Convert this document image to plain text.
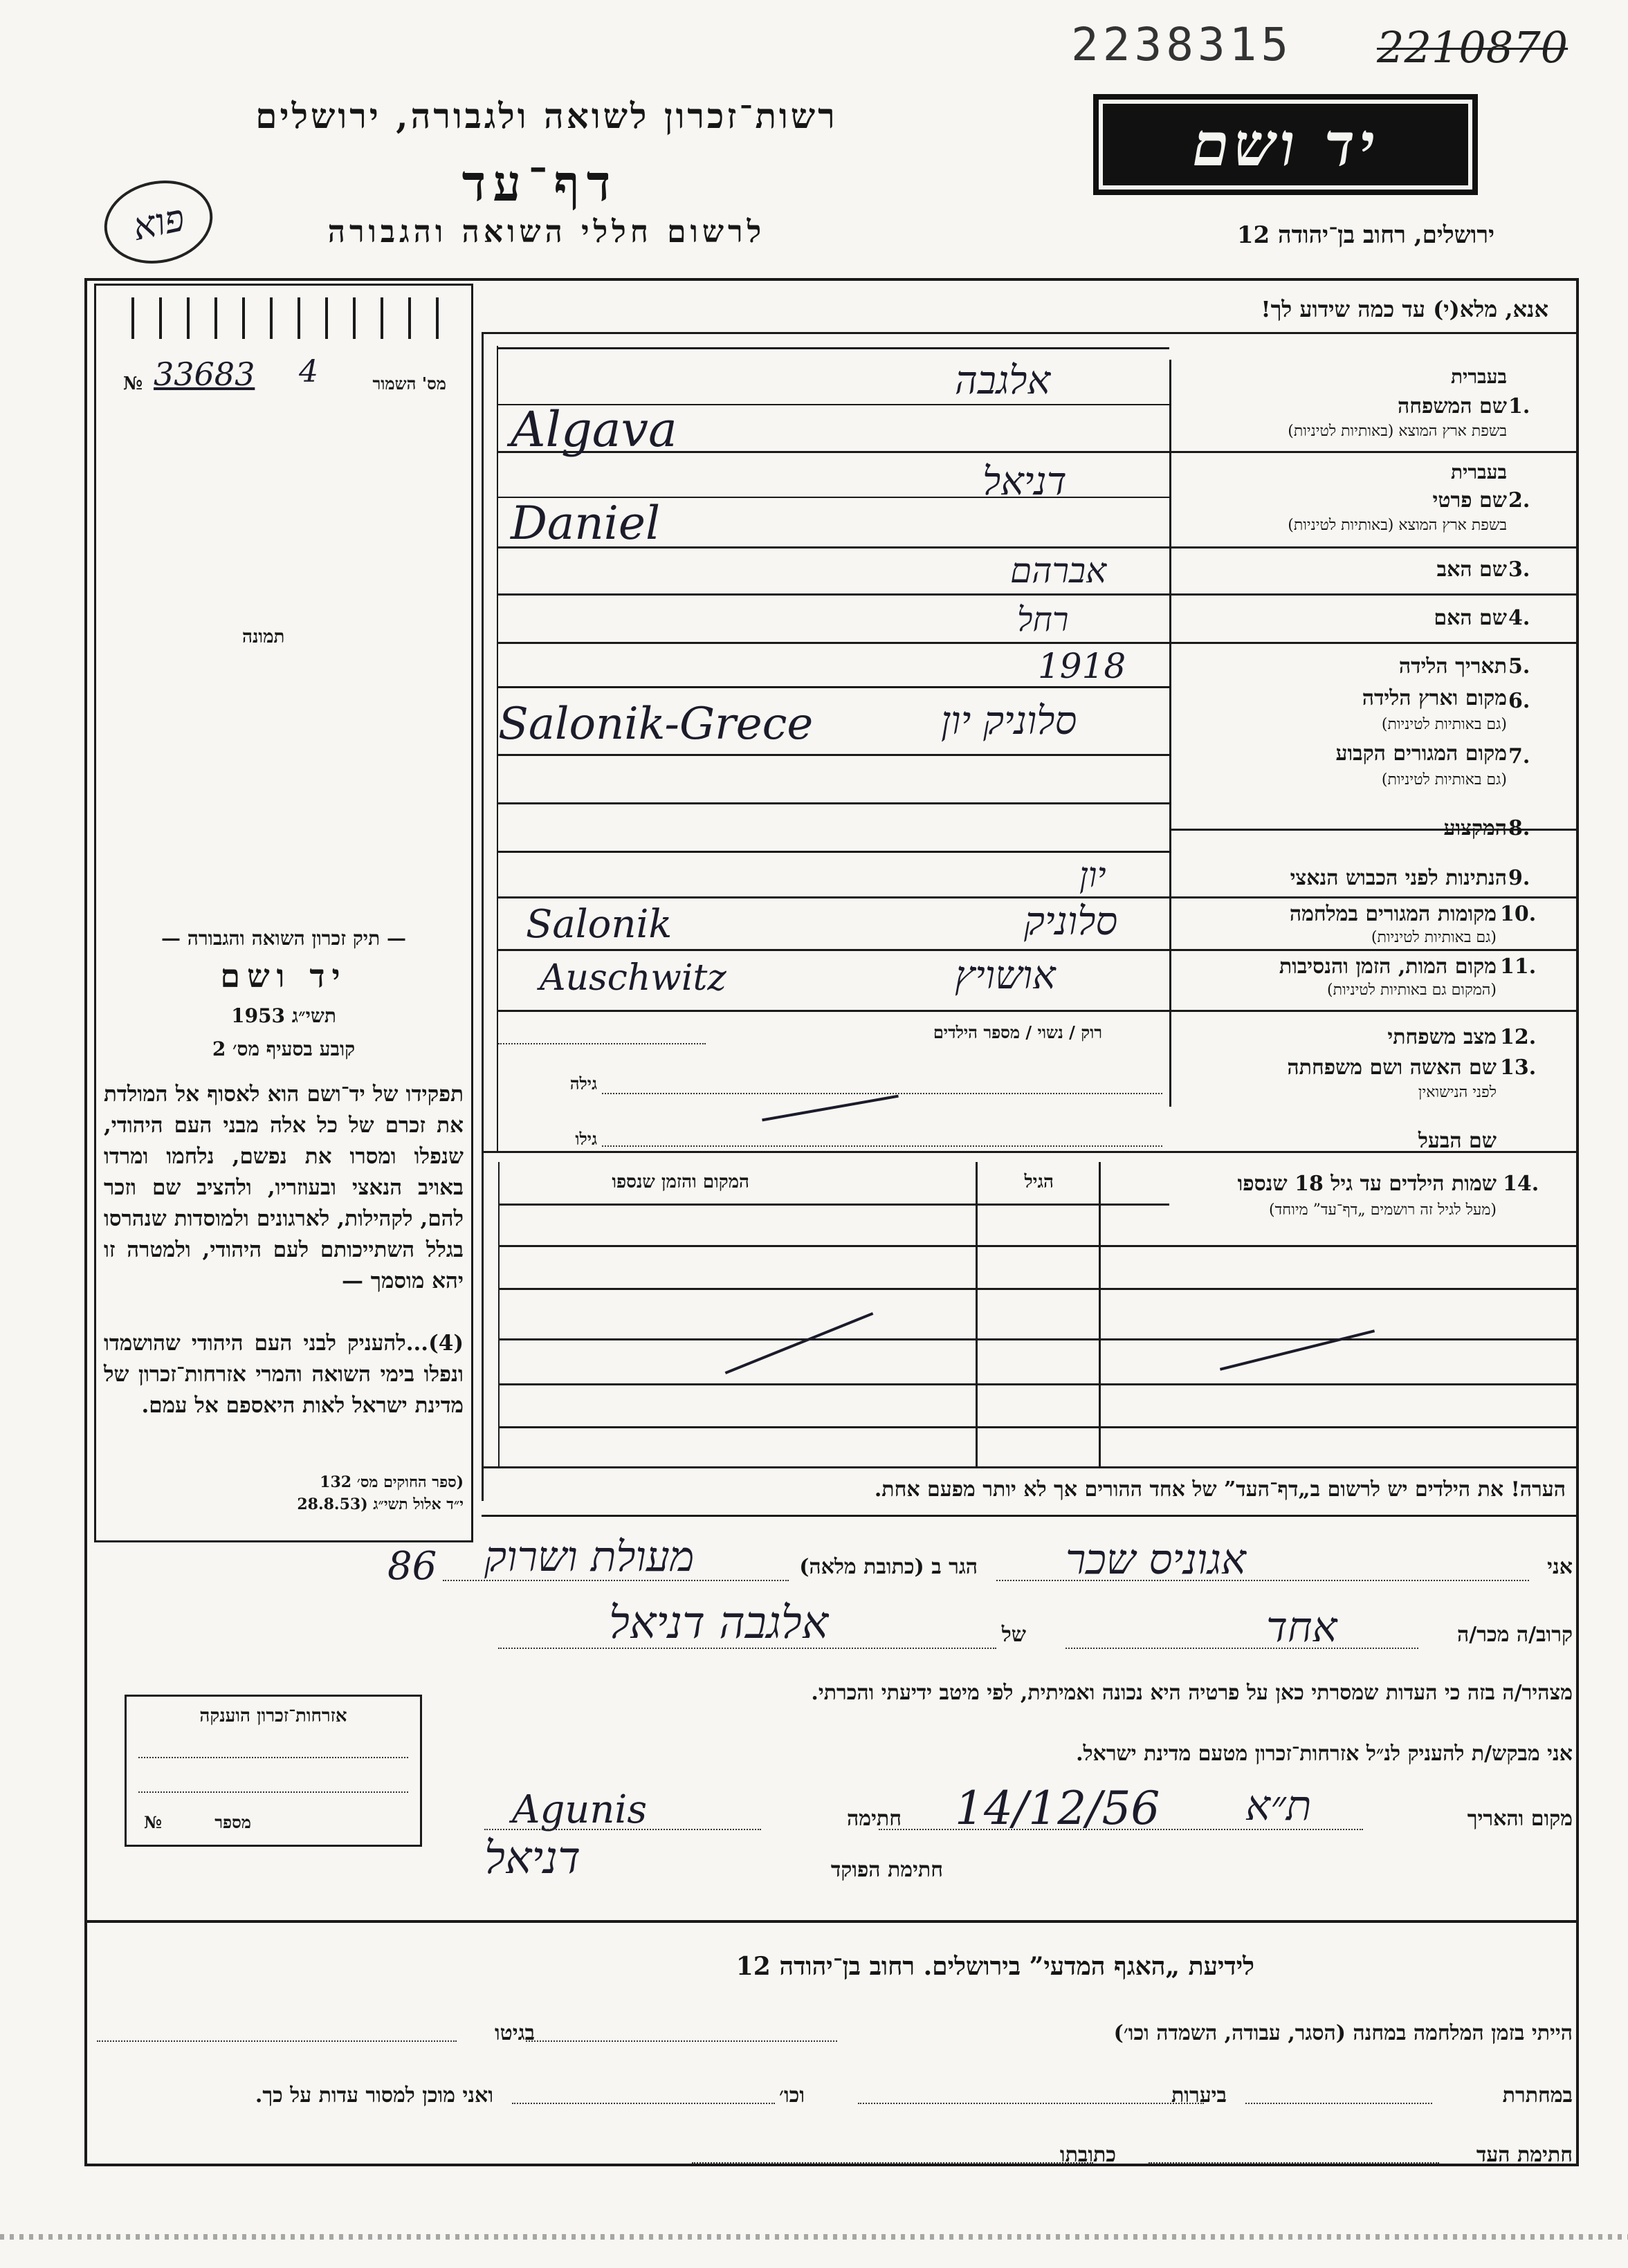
2238315 2210870
רשות־זכרון לשואה ולגבורה, ירושלים
דף־עד
לרשום חללי השואה והגבורה
יד ושם
ירושלים, רחוב בן־יהודה 12
פוא
אנא, מלא(י) עד כמה שידוע לך!
מס' השמור
33683 4
№
תמונה
— תיק זכרון השואה והגבורה —
יד ושם
תשי״ג 1953
קובע בסעיף מס׳ 2
תפקידו של יד־ושם הוא לאסוף אל המולדת את זכרם של כל אלה מבני העם היהודי, שנפלו ומסרו את נפשם, נלחמו ומרדו באויב הנאצי ובעוזריו, ולהציב שם וזכר להם, לקהילות, לארגונים ולמוסדות שנהרסו בגלל השתייכותם לעם היהודי, ולמטרה זו יהא מוסמך —
(4)...להעניק לבני העם היהודי שהושמדו ונפלו בימי השואה והמרי אזרחות־זכרון של מדינת ישראל לאות היאספם אל עמם.
(ספר החוקים מס׳ 132
י״ד אלול תשי״ג (28.8.53
בעברית
1.
שם המשפחה
בשפת ארץ המוצא (באותיות לטיניות)
אלגבה
Algava
בעברית
2.
שם פרטי
בשפת ארץ המוצא (באותיות לטיניות)
דניאל
Daniel
3.
שם האב
אברהם
4.
שם האם
רחל
5.
תאריך הלידה
1918
6.
מקום וארץ הלידה
(גם באותיות לטיניות)
סלוניק יון
Salonik-Grece
7.
מקום המגורים הקבוע
(גם באותיות לטיניות)
8.
המקצוע
9.
הנתינות לפני הכבוש הנאצי
יון
10.
מקומות המגורים במלחמה
(גם באותיות לטיניות)
סלוניק
Salonik
11.
מקום המות, הזמן והנסיבות
(המקום גם באותיות לטיניות)
אושויץ
Auschwitz
12.
מצב משפחתי
רוק / נשוי / מספר הילדים
13.
שם האשה ושם משפחתה
לפני הנישואין
גילה
שם הבעל
גילו
14.
שמות הילדים עד גיל 18 שנספו
(מעל לגיל זה רושמים „דף־עד” מיוחד)
הגיל
המקום והזמן שנספו
הערה! את הילדים יש לרשום ב„דף־העד” של אחד ההורים אך לא יותר מפעם אחת.
אני
אגוניס שכר
הגר ב (כתובת מלאה)
מעולת ושרוק
86
קרוב/ה מכר/ה
אחד
של
אלגבה דניאל
מצהיר/ה בזה כי העדות שמסרתי כאן על פרטיה היא נכונה ואמיתית, לפי מיטב ידיעתי והכרתי.
אני מבקש/ת להעניק לנ״ל אזרחות־זכרון מטעם מדינת ישראל.
מקום והאריך
ת״א
14/12/56
חתימה
Agunis
חתימת הפוקד
דניאל
אזרחות־זכרון הוענקה
מספר
№
לידיעת „האגף המדעי” בירושלים. רחוב בן־יהודה 12
הייתי בזמן המלחמה במחנה (הסגר, עבודה, השמדה וכו׳)
בגיטו
במחתרת
ביערות
וכו׳
ואני מוכן למסור עדות על כך.
חתימת העד
כתובתו
